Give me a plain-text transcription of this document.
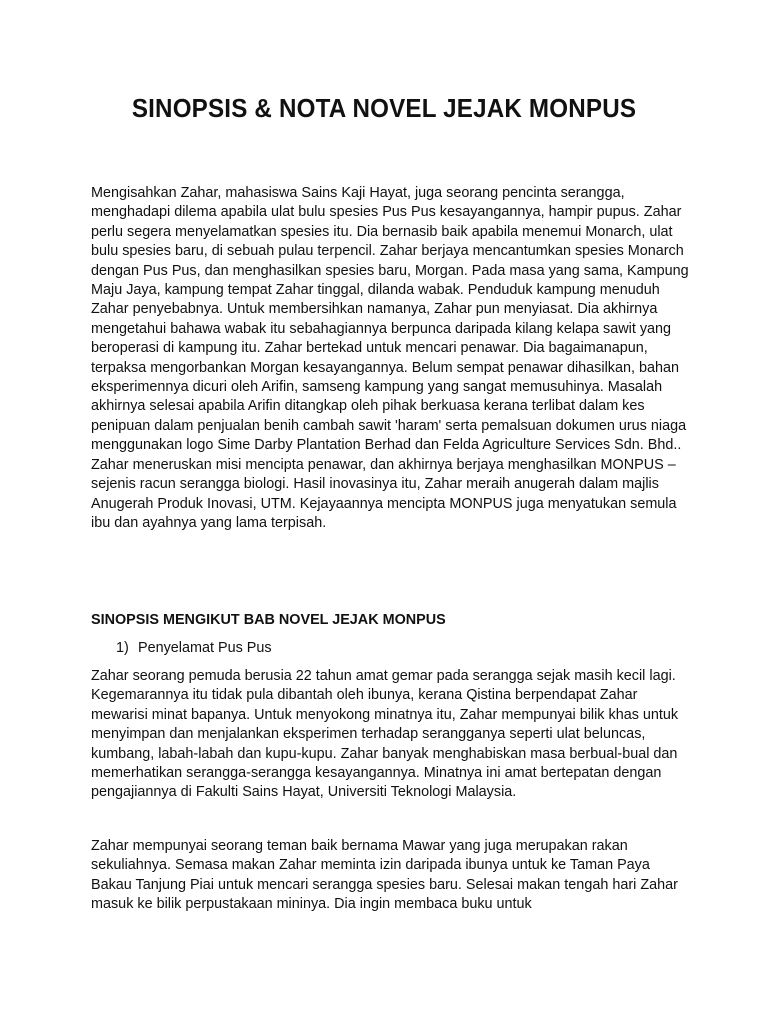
SINOPSIS & NOTA NOVEL JEJAK MONPUS

Mengisahkan Zahar, mahasiswa Sains Kaji Hayat, juga seorang pencinta serangga, menghadapi dilema apabila ulat bulu spesies Pus Pus kesayangannya, hampir pupus. Zahar perlu segera menyelamatkan spesies itu. Dia bernasib baik apabila menemui Monarch, ulat bulu spesies baru, di sebuah pulau terpencil. Zahar berjaya mencantumkan spesies Monarch dengan Pus Pus, dan menghasilkan spesies baru, Morgan. Pada masa yang sama, Kampung Maju Jaya, kampung tempat Zahar tinggal, dilanda wabak. Penduduk kampung menuduh Zahar penyebabnya. Untuk membersihkan namanya, Zahar pun menyiasat. Dia akhirnya mengetahui bahawa wabak itu sebahagiannya berpunca daripada kilang kelapa sawit yang beroperasi di kampung itu. Zahar bertekad untuk mencari penawar. Dia bagaimanapun, terpaksa mengorbankan Morgan kesayangannya. Belum sempat penawar dihasilkan, bahan eksperimennya dicuri oleh Arifin, samseng kampung yang sangat memusuhinya. Masalah akhirnya selesai apabila Arifin ditangkap oleh pihak berkuasa kerana terlibat dalam kes penipuan dalam penjualan benih cambah sawit 'haram' serta pemalsuan dokumen urus niaga menggunakan logo Sime Darby Plantation Berhad dan Felda Agriculture Services Sdn. Bhd.. Zahar meneruskan misi mencipta penawar, dan akhirnya berjaya menghasilkan MONPUS – sejenis racun serangga biologi. Hasil inovasinya itu, Zahar meraih anugerah dalam majlis Anugerah Produk Inovasi, UTM. Kejayaannya mencipta MONPUS juga menyatukan semula ibu dan ayahnya yang lama terpisah.

SINOPSIS MENGIKUT BAB NOVEL JEJAK MONPUS

1) Penyelamat Pus Pus

Zahar seorang pemuda berusia 22 tahun amat gemar pada serangga sejak masih kecil lagi. Kegemarannya itu tidak pula dibantah oleh ibunya, kerana Qistina berpendapat Zahar mewarisi minat bapanya. Untuk menyokong minatnya itu, Zahar mempunyai bilik khas untuk menyimpan dan menjalankan eksperimen terhadap serangganya seperti ulat beluncas, kumbang, labah-labah dan kupu-kupu. Zahar banyak menghabiskan masa berbual-bual dan memerhatikan serangga-serangga kesayangannya. Minatnya ini amat bertepatan dengan pengajiannya di Fakulti Sains Hayat, Universiti Teknologi Malaysia.

Zahar mempunyai seorang teman baik bernama Mawar yang juga merupakan rakan sekuliahnya. Semasa makan Zahar meminta izin daripada ibunya untuk ke Taman Paya Bakau Tanjung Piai untuk mencari serangga spesies baru. Selesai makan tengah hari Zahar masuk ke bilik perpustakaan mininya. Dia ingin membaca buku untuk
